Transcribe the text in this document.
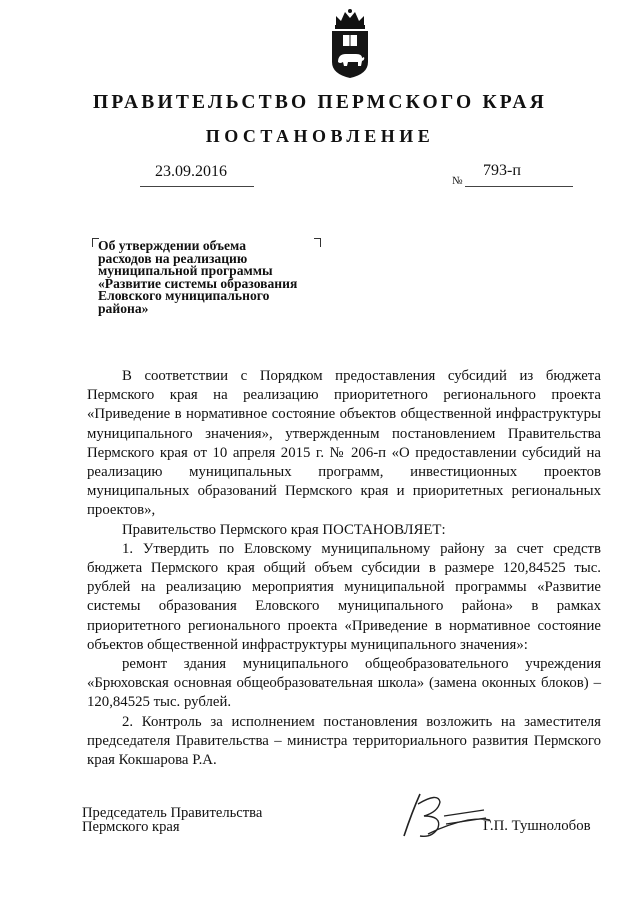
ПРАВИТЕЛЬСТВО ПЕРМСКОГО КРАЯ
ПОСТАНОВЛЕНИЕ
23.09.2016
№
793-п
Об утверждении объема
расходов на реализацию
муниципальной программы
«Развитие системы образования
Еловского муниципального
района»

В соответствии с Порядком предоставления субсидий из бюджета Пермского края на реализацию приоритетного регионального проекта «Приведение в нормативное состояние объектов общественной инфраструктуры муниципального значения», утвержденным постановлением Правительства Пермского края от 10 апреля 2015 г. № 206-п «О предоставлении субсидий на реализацию муниципальных программ, инвестиционных проектов муниципальных образований Пермского края и приоритетных региональных проектов»,

Правительство Пермского края ПОСТАНОВЛЯЕТ:

1. Утвердить по Еловскому муниципальному району за счет средств бюджета Пермского края общий объем субсидии в размере 120,84525 тыс. рублей на реализацию мероприятия муниципальной программы «Развитие системы образования Еловского муниципального района» в рамках приоритетного регионального проекта «Приведение в нормативное состояние объектов общественной инфраструктуры муниципального значения»:

ремонт здания муниципального общеобразовательного учреждения «Брюховская основная общеобразовательная школа» (замена оконных блоков) – 120,84525 тыс. рублей.

2. Контроль за исполнением постановления возложить на заместителя председателя Правительства – министра территориального развития Пермского края Кокшарова Р.А.

Председатель Правительства
Пермского края	Г.П. Тушнолобов
